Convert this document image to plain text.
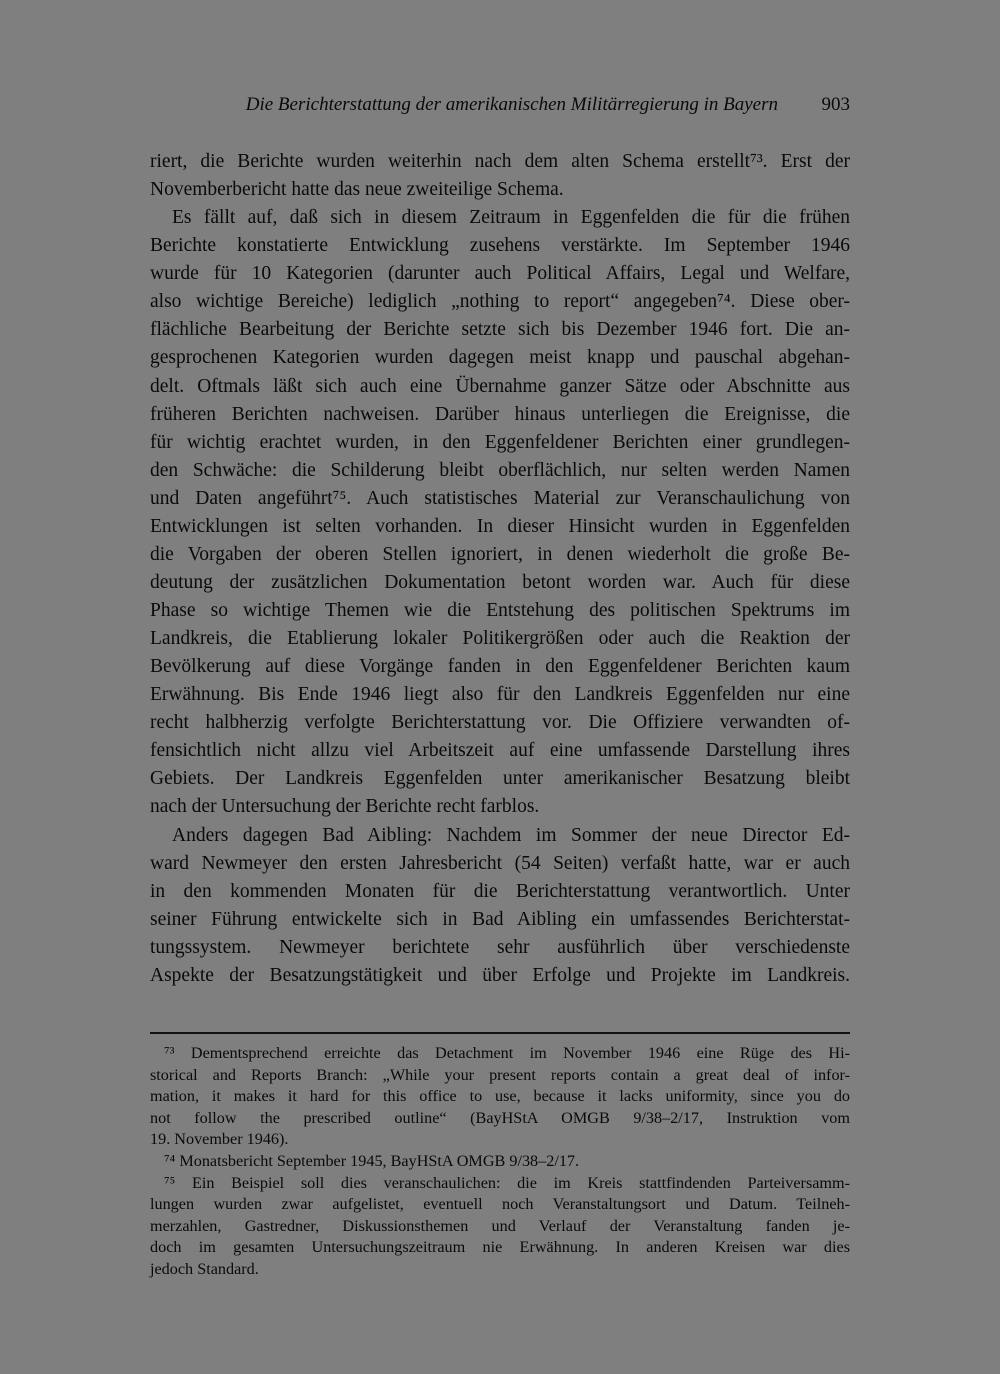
Die Berichterstattung der amerikanischen Militärregierung in Bayern 903
riert, die Berichte wurden weiterhin nach dem alten Schema erstellt⁷³. Erst der
Novemberbericht hatte das neue zweiteilige Schema.
Es fällt auf, daß sich in diesem Zeitraum in Eggenfelden die für die frühen
Berichte konstatierte Entwicklung zusehens verstärkte. Im September 1946
wurde für 10 Kategorien (darunter auch Political Affairs, Legal und Welfare,
also wichtige Bereiche) lediglich „nothing to report“ angegeben⁷⁴. Diese ober-
flächliche Bearbeitung der Berichte setzte sich bis Dezember 1946 fort. Die an-
gesprochenen Kategorien wurden dagegen meist knapp und pauschal abgehan-
delt. Oftmals läßt sich auch eine Übernahme ganzer Sätze oder Abschnitte aus
früheren Berichten nachweisen. Darüber hinaus unterliegen die Ereignisse, die
für wichtig erachtet wurden, in den Eggenfeldener Berichten einer grundlegen-
den Schwäche: die Schilderung bleibt oberflächlich, nur selten werden Namen
und Daten angeführt⁷⁵. Auch statistisches Material zur Veranschaulichung von
Entwicklungen ist selten vorhanden. In dieser Hinsicht wurden in Eggenfelden
die Vorgaben der oberen Stellen ignoriert, in denen wiederholt die große Be-
deutung der zusätzlichen Dokumentation betont worden war. Auch für diese
Phase so wichtige Themen wie die Entstehung des politischen Spektrums im
Landkreis, die Etablierung lokaler Politikergrößen oder auch die Reaktion der
Bevölkerung auf diese Vorgänge fanden in den Eggenfeldener Berichten kaum
Erwähnung. Bis Ende 1946 liegt also für den Landkreis Eggenfelden nur eine
recht halbherzig verfolgte Berichterstattung vor. Die Offiziere verwandten of-
fensichtlich nicht allzu viel Arbeitszeit auf eine umfassende Darstellung ihres
Gebiets. Der Landkreis Eggenfelden unter amerikanischer Besatzung bleibt
nach der Untersuchung der Berichte recht farblos.
Anders dagegen Bad Aibling: Nachdem im Sommer der neue Director Ed-
ward Newmeyer den ersten Jahresbericht (54 Seiten) verfaßt hatte, war er auch
in den kommenden Monaten für die Berichterstattung verantwortlich. Unter
seiner Führung entwickelte sich in Bad Aibling ein umfassendes Berichterstat-
tungssystem. Newmeyer berichtete sehr ausführlich über verschiedenste
Aspekte der Besatzungstätigkeit und über Erfolge und Projekte im Landkreis.
⁷³ Dementsprechend erreichte das Detachment im November 1946 eine Rüge des Hi-
storical and Reports Branch: „While your present reports contain a great deal of infor-
mation, it makes it hard for this office to use, because it lacks uniformity, since you do
not follow the prescribed outline“ (BayHStA OMGB 9/38–2/17, Instruktion vom
19. November 1946).
⁷⁴ Monatsbericht September 1945, BayHStA OMGB 9/38–2/17.
⁷⁵ Ein Beispiel soll dies veranschaulichen: die im Kreis stattfindenden Parteiversamm-
lungen wurden zwar aufgelistet, eventuell noch Veranstaltungsort und Datum. Teilneh-
merzahlen, Gastredner, Diskussionsthemen und Verlauf der Veranstaltung fanden je-
doch im gesamten Untersuchungszeitraum nie Erwähnung. In anderen Kreisen war dies
jedoch Standard.
